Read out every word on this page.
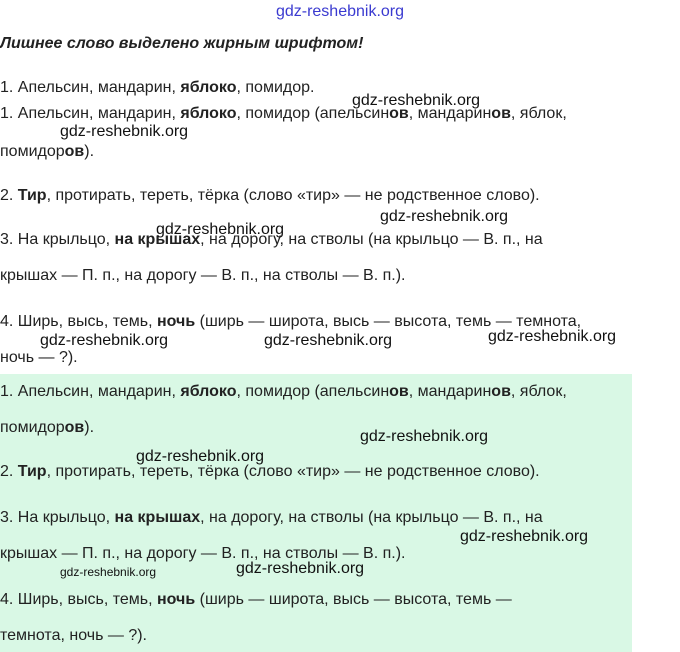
gdz-reshebnik.org
Лишнее слово выделено жирным шрифтом!
1. Апельсин, мандарин, яблоко, помидор.
1. Апельсин, мандарин, яблоко, помидор (апельсинов, мандаринов, яблок,
помидоров).
2. Тир, протирать, тереть, тёрка (слово «тир» — не родственное слово).
3. На крыльцо, на крышах, на дорогу, на стволы (на крыльцо — В. п., на
крышах — П. п., на дорогу — В. п., на стволы — В. п.).
4. Ширь, высь, темь, ночь (ширь — широта, высь — высота, темь — темнота,
ночь — ?).
1. Апельсин, мандарин, яблоко, помидор (апельсинов, мандаринов, яблок,
помидоров).
2. Тир, протирать, тереть, тёрка (слово «тир» — не родственное слово).
3. На крыльцо, на крышах, на дорогу, на стволы (на крыльцо — В. п., на
крышах — П. п., на дорогу — В. п., на стволы — В. п.).
4. Ширь, высь, темь, ночь (ширь — широта, высь — высота, темь —
темнота, ночь — ?).
gdz-reshebnik.org
gdz-reshebnik.org
gdz-reshebnik.org
gdz-reshebnik.org
gdz-reshebnik.org	gdz-reshebnik.org	gdz-reshebnik.org
gdz-reshebnik.org
gdz-reshebnik.org
gdz-reshebnik.org
gdz-reshebnik.org	gdz-reshebnik.org
